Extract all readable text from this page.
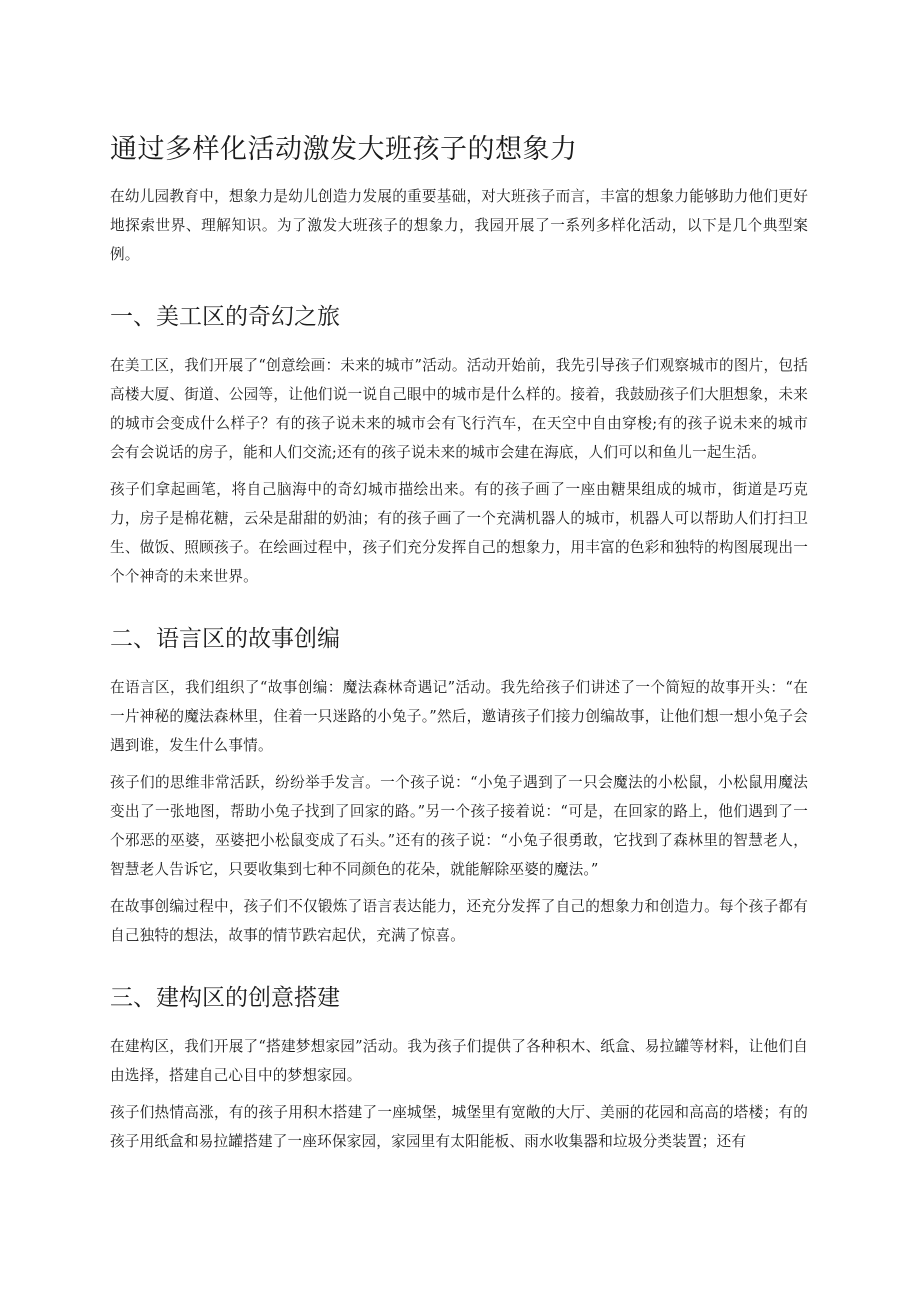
通过多样化活动激发大班孩子的想象力

在幼儿园教育中，想象力是幼儿创造力发展的重要基础，对大班孩子而言，丰富的想象力能够助力他们更好地探索世界、理解知识。为了激发大班孩子的想象力，我园开展了一系列多样化活动，以下是几个典型案例。

一、美工区的奇幻之旅

在美工区，我们开展了“创意绘画：未来的城市”活动。活动开始前，我先引导孩子们观察城市的图片，包括高楼大厦、街道、公园等，让他们说一说自己眼中的城市是什么样的。接着，我鼓励孩子们大胆想象，未来的城市会变成什么样子？有的孩子说未来的城市会有飞行汽车，在天空中自由穿梭;有的孩子说未来的城市会有会说话的房子，能和人们交流;还有的孩子说未来的城市会建在海底，人们可以和鱼儿一起生活。

孩子们拿起画笔，将自己脑海中的奇幻城市描绘出来。有的孩子画了一座由糖果组成的城市，街道是巧克力，房子是棉花糖，云朵是甜甜的奶油；有的孩子画了一个充满机器人的城市，机器人可以帮助人们打扫卫生、做饭、照顾孩子。在绘画过程中，孩子们充分发挥自己的想象力，用丰富的色彩和独特的构图展现出一个个神奇的未来世界。

二、语言区的故事创编

在语言区，我们组织了“故事创编：魔法森林奇遇记”活动。我先给孩子们讲述了一个简短的故事开头：“在一片神秘的魔法森林里，住着一只迷路的小兔子。”然后，邀请孩子们接力创编故事，让他们想一想小兔子会遇到谁，发生什么事情。

孩子们的思维非常活跃，纷纷举手发言。一个孩子说：“小兔子遇到了一只会魔法的小松鼠，小松鼠用魔法变出了一张地图，帮助小兔子找到了回家的路。”另一个孩子接着说：“可是，在回家的路上，他们遇到了一个邪恶的巫婆，巫婆把小松鼠变成了石头。”还有的孩子说：“小兔子很勇敢，它找到了森林里的智慧老人，智慧老人告诉它，只要收集到七种不同颜色的花朵，就能解除巫婆的魔法。”

在故事创编过程中，孩子们不仅锻炼了语言表达能力，还充分发挥了自己的想象力和创造力。每个孩子都有自己独特的想法，故事的情节跌宕起伏，充满了惊喜。

三、建构区的创意搭建

在建构区，我们开展了“搭建梦想家园”活动。我为孩子们提供了各种积木、纸盒、易拉罐等材料，让他们自由选择，搭建自己心目中的梦想家园。

孩子们热情高涨，有的孩子用积木搭建了一座城堡，城堡里有宽敞的大厅、美丽的花园和高高的塔楼；有的孩子用纸盒和易拉罐搭建了一座环保家园，家园里有太阳能板、雨水收集器和垃圾分类装置；还有
